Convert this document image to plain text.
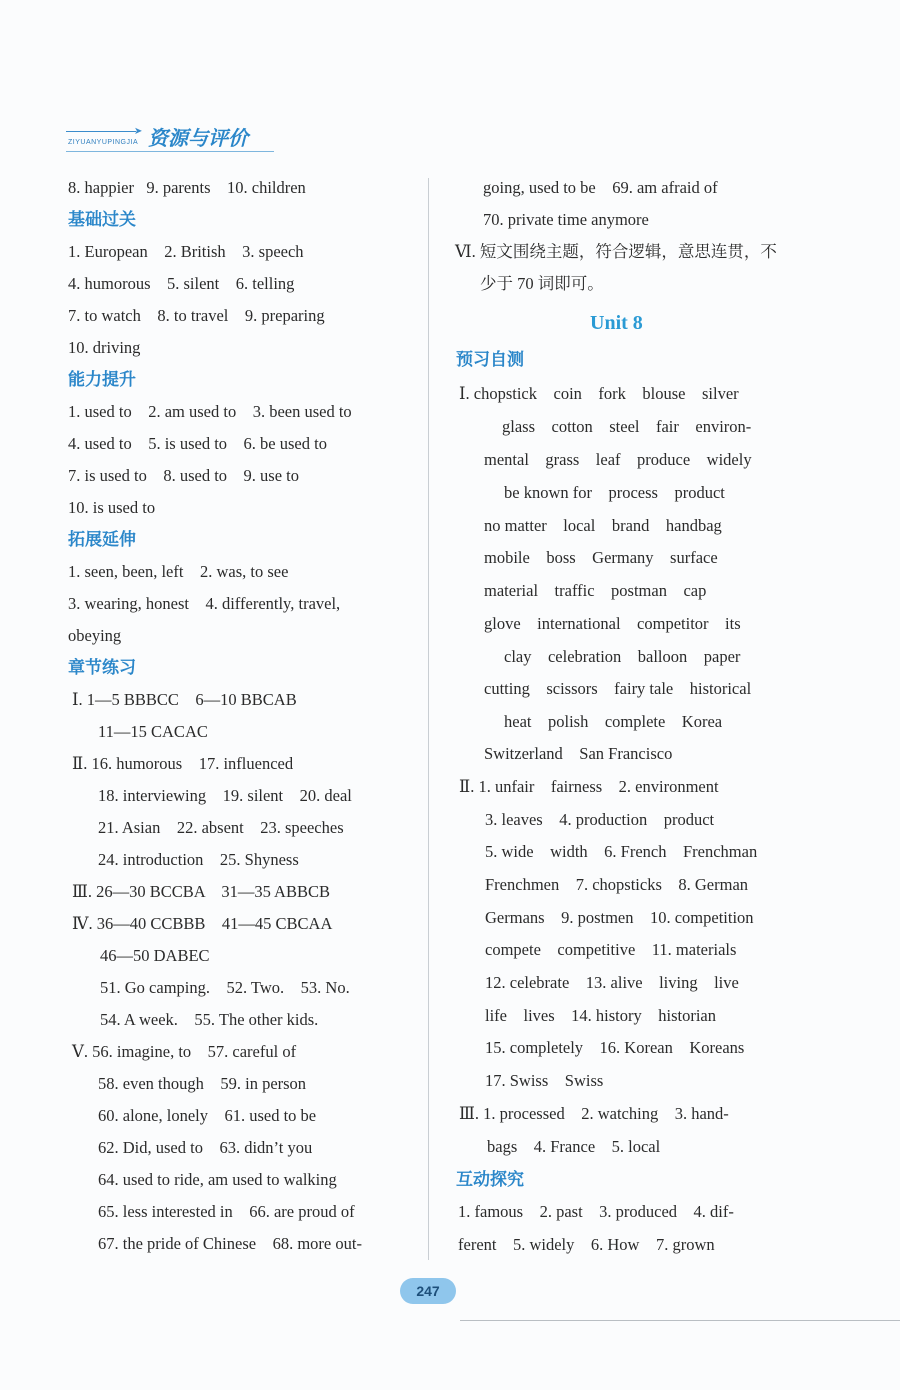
➤
ZIYUANYUPINGJIA 资源与评价
8. happier   9. parents    10. children
基础过关
1. European    2. British    3. speech
4. humorous    5. silent    6. telling
7. to watch    8. to travel    9. preparing
10. driving
能力提升
1. used to    2. am used to    3. been used to
4. used to    5. is used to    6. be used to
7. is used to    8. used to    9. use to
10. is used to
拓展延伸
1. seen, been, left    2. was, to see
3. wearing, honest    4. differently, travel,
obeying
章节练习
Ⅰ. 1—5 BBBCC    6—10 BBCAB
11—15 CACAC
Ⅱ. 16. humorous    17. influenced
18. interviewing    19. silent    20. deal
21. Asian    22. absent    23. speeches
24. introduction    25. Shyness
Ⅲ. 26—30 BCCBA    31—35 ABBCB
Ⅳ. 36—40 CCBBB    41—45 CBCAA
46—50 DABEC
51. Go camping.    52. Two.    53. No.
54. A week.    55. The other kids.
Ⅴ. 56. imagine, to    57. careful of
58. even though    59. in person
60. alone, lonely    61. used to be
62. Did, used to    63. didn’t you
64. used to ride, am used to walking
65. less interested in    66. are proud of
67. the pride of Chinese    68. more out-
going, used to be    69. am afraid of
70. private time anymore
Ⅵ. 短文围绕主题，符合逻辑，意思连贯，不
少于 70 词即可。
Unit 8
预习自测
Ⅰ. chopstick    coin    fork    blouse    silver
glass    cotton    steel    fair    environ-
mental    grass    leaf    produce    widely
be known for    process    product
no matter    local    brand    handbag
mobile    boss    Germany    surface
material    traffic    postman    cap
glove    international    competitor    its
clay    celebration    balloon    paper
cutting    scissors    fairy tale    historical
heat    polish    complete    Korea
Switzerland    San Francisco
Ⅱ. 1. unfair    fairness    2. environment
3. leaves    4. production    product
5. wide    width    6. French    Frenchman
Frenchmen    7. chopsticks    8. German
Germans    9. postmen    10. competition
compete    competitive    11. materials
12. celebrate    13. alive    living    live
life    lives    14. history    historian
15. completely    16. Korean    Koreans
17. Swiss    Swiss
Ⅲ. 1. processed    2. watching    3. hand-
bags    4. France    5. local
互动探究
1. famous    2. past    3. produced    4. dif-
ferent    5. widely    6. How    7. grown
247
